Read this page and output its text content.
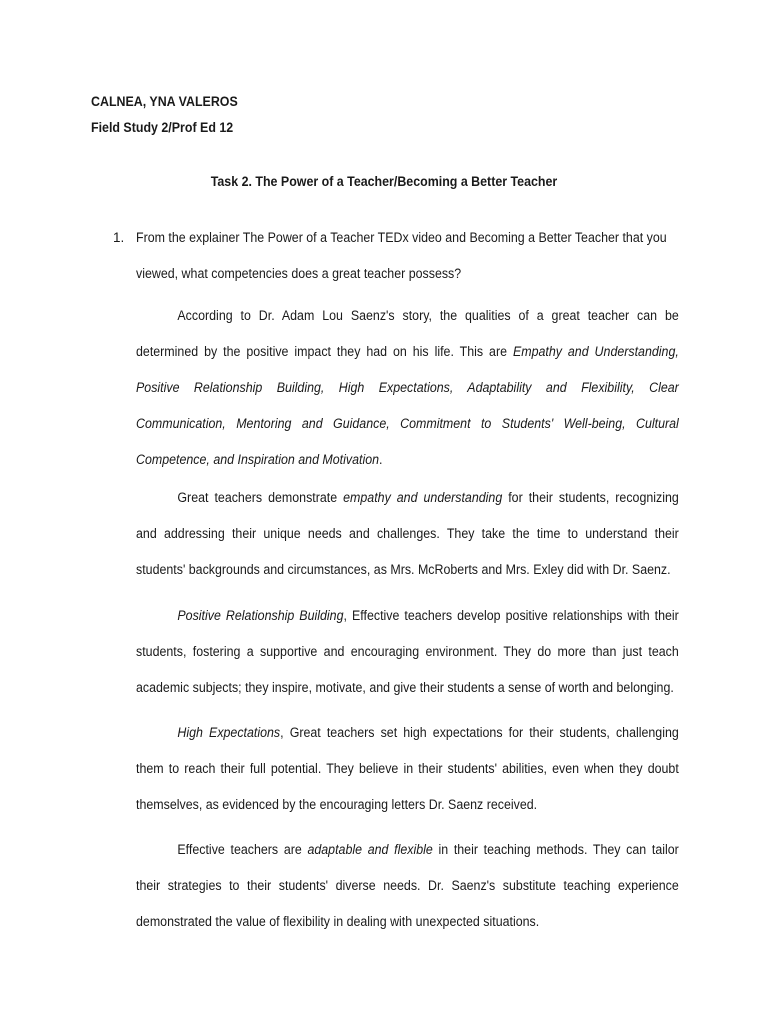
CALNEA, YNA VALEROS
Field Study 2/Prof Ed 12
Task 2. The Power of a Teacher/Becoming a Better Teacher
1. From the explainer The Power of a Teacher TEDx video and Becoming a Better Teacher that you viewed, what competencies does a great teacher possess?

According to Dr. Adam Lou Saenz's story, the qualities of a great teacher can be determined by the positive impact they had on his life. This are Empathy and Understanding, Positive Relationship Building, High Expectations, Adaptability and Flexibility, Clear Communication, Mentoring and Guidance, Commitment to Students' Well-being, Cultural Competence, and Inspiration and Motivation.

Great teachers demonstrate empathy and understanding for their students, recognizing and addressing their unique needs and challenges. They take the time to understand their students' backgrounds and circumstances, as Mrs. McRoberts and Mrs. Exley did with Dr. Saenz.

Positive Relationship Building, Effective teachers develop positive relationships with their students, fostering a supportive and encouraging environment. They do more than just teach academic subjects; they inspire, motivate, and give their students a sense of worth and belonging.

High Expectations, Great teachers set high expectations for their students, challenging them to reach their full potential. They believe in their students' abilities, even when they doubt themselves, as evidenced by the encouraging letters Dr. Saenz received.

Effective teachers are adaptable and flexible in their teaching methods. They can tailor their strategies to their students' diverse needs. Dr. Saenz's substitute teaching experience demonstrated the value of flexibility in dealing with unexpected situations.
